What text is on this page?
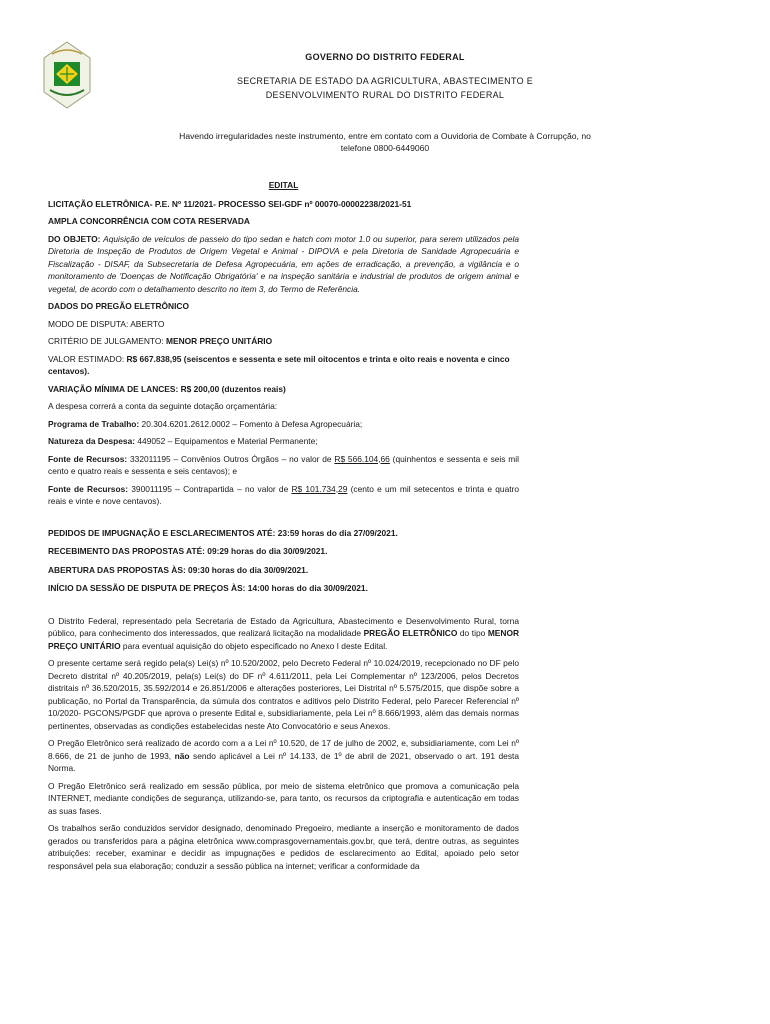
GOVERNO DO DISTRITO FEDERAL
SECRETARIA DE ESTADO DA AGRICULTURA, ABASTECIMENTO E
DESENVOLVIMENTO RURAL DO DISTRITO FEDERAL
Havendo irregularidades neste instrumento, entre em contato com a Ouvidoria de Combate à Corrupção, no
telefone 0800-6449060
EDITAL
LICITAÇÃO ELETRÔNICA- P.E. Nº 11/2021- PROCESSO SEI-GDF nº 00070-00002238/2021-51
AMPLA CONCORRÊNCIA COM COTA RESERVADA
DO OBJETO: Aquisição de veículos de passeio do tipo sedan e hatch com motor 1.0 ou superior, para serem utilizados pela Diretoria de Inspeção de Produtos de Origem Vegetal e Animal - DIPOVA e pela Diretoria de Sanidade Agropecuária e Fiscalização - DISAF, da Subsecretaria de Defesa Agropecuária, em ações de erradicação, a prevenção, a vigilância e o monitoramento de 'Doenças de Notificação Obrigatória' e na inspeção sanitária e industrial de produtos de origem animal e vegetal, de acordo com o detalhamento descrito no item 3, do Termo de Referência.
DADOS DO PREGÃO ELETRÔNICO
MODO DE DISPUTA: ABERTO
CRITÉRIO DE JULGAMENTO: MENOR PREÇO UNITÁRIO
VALOR ESTIMADO: R$ 667.838,95 (seiscentos e sessenta e sete mil oitocentos e trinta e oito reais e noventa e cinco centavos).
VARIAÇÃO MÍNIMA DE LANCES: R$ 200,00 (duzentos reais)
A despesa correrá a conta da seguinte dotação orçamentária:
Programa de Trabalho: 20.304.6201.2612.0002 – Fomento à Defesa Agropecuária;
Natureza da Despesa: 449052 – Equipamentos e Material Permanente;
Fonte de Recursos: 332011195 – Convênios Outros Órgãos – no valor de R$ 566.104,66 (quinhentos e sessenta e seis mil cento e quatro reais e sessenta e seis centavos); e
Fonte de Recursos: 390011195 – Contrapartida – no valor de R$ 101.734,29 (cento e um mil setecentos e trinta e quatro reais e vinte e nove centavos).
PEDIDOS DE IMPUGNAÇÃO E ESCLARECIMENTOS ATÉ: 23:59 horas do dia 27/09/2021.
RECEBIMENTO DAS PROPOSTAS ATÉ: 09:29 horas do dia 30/09/2021.
ABERTURA DAS PROPOSTAS ÀS: 09:30 horas do dia 30/09/2021.
INÍCIO DA SESSÃO DE DISPUTA DE PREÇOS ÀS: 14:00 horas do dia 30/09/2021.
O Distrito Federal, representado pela Secretaria de Estado da Agricultura, Abastecimento e Desenvolvimento Rural, torna público, para conhecimento dos interessados, que realizará licitação na modalidade PREGÃO ELETRÔNICO do tipo MENOR PREÇO UNITÁRIO para eventual aquisição do objeto especificado no Anexo I deste Edital.
O presente certame será regido pela(s) Lei(s) nº 10.520/2002, pelo Decreto Federal nº 10.024/2019, recepcionado no DF pelo Decreto distrital nº 40.205/2019, pela(s) Lei(s) do DF nº 4.611/2011, pela Lei Complementar nº 123/2006, pelos Decretos distritais nº 36.520/2015, 35.592/2014 e 26.851/2006 e alterações posteriores, Lei Distrital nº 5.575/2015, que dispõe sobre a publicação, no Portal da Transparência, da súmula dos contratos e aditivos pelo Distrito Federal, pelo Parecer Referencial nº 10/2020- PGCONS/PGDF que aprova o presente Edital e, subsidiariamente, pela Lei nº 8.666/1993, além das demais normas pertinentes, observadas as condições estabelecidas neste Ato Convocatório e seus Anexos.
O Pregão Eletrônico será realizado de acordo com a a Lei nº 10.520, de 17 de julho de 2002, e, subsidiariamente, com Lei nº 8.666, de 21 de junho de 1993, não sendo aplicável a Lei nº 14.133, de 1º de abril de 2021, observado o art. 191 desta Norma.
O Pregão Eletrônico será realizado em sessão pública, por meio de sistema eletrônico que promova a comunicação pela INTERNET, mediante condições de segurança, utilizando-se, para tanto, os recursos da criptografia e autenticação em todas as suas fases.
Os trabalhos serão conduzidos servidor designado, denominado Pregoeiro, mediante a inserção e monitoramento de dados gerados ou transferidos para a página eletrônica www.comprasgovernamentais.gov.br, que terá, dentre outras, as seguintes atribuições: receber, examinar e decidir as impugnações e pedidos de esclarecimento ao Edital, apoiado pelo setor responsável pela sua elaboração; conduzir a sessão pública na internet; verificar a conformidade da
